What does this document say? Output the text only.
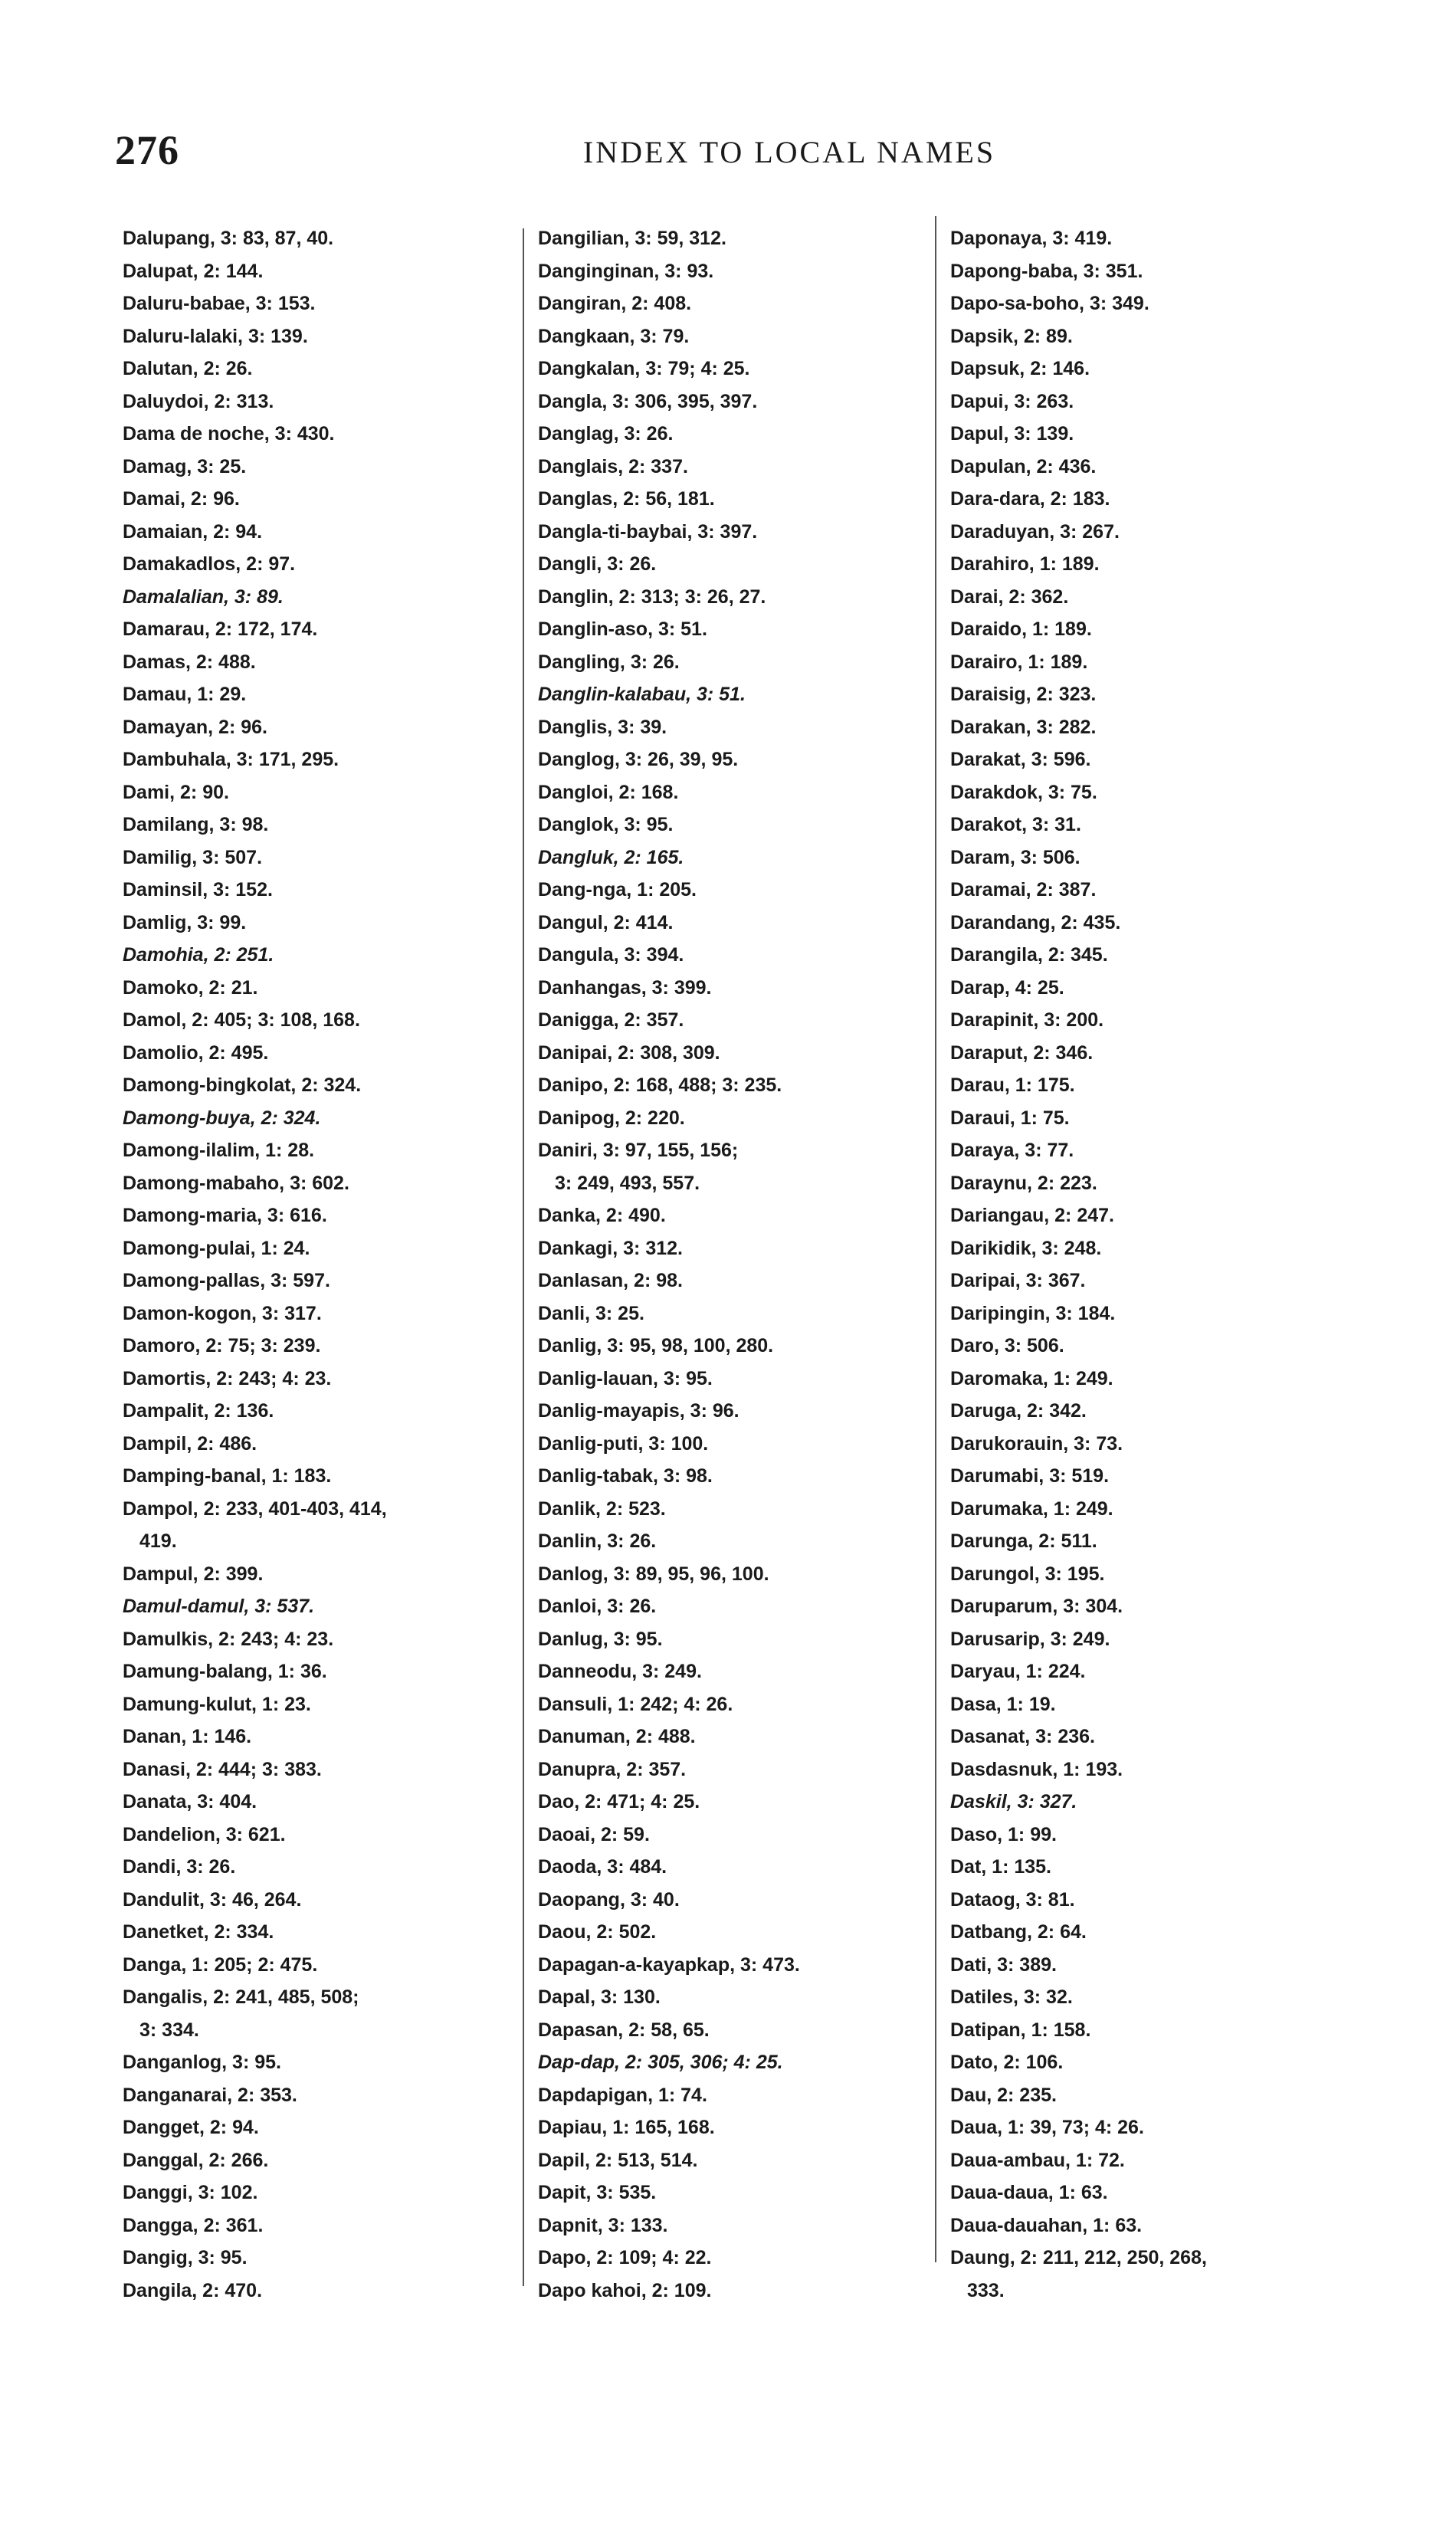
276	INDEX TO LOCAL NAMES
Dalupang, 3: 83, 87, 40.
Dalupat, 2: 144.
Daluru-babae, 3: 153.
Daluru-lalaki, 3: 139.
Dalutan, 2: 26.
Daluydoi, 2: 313.
Dama de noche, 3: 430.
Damag, 3: 25.
Damai, 2: 96.
Damaian, 2: 94.
Damakadlos, 2: 97.
Damalalian, 3: 89.
Damarau, 2: 172, 174.
Damas, 2: 488.
Damau, 1: 29.
Damayan, 2: 96.
Dambuhala, 3: 171, 295.
Dami, 2: 90.
Damilang, 3: 98.
Damilig, 3: 507.
Daminsil, 3: 152.
Damlig, 3: 99.
Damohia, 2: 251.
Damoko, 2: 21.
Damol, 2: 405; 3: 108, 168.
Damolio, 2: 495.
Damong-bingkolat, 2: 324.
Damong-buya, 2: 324.
Damong-ilalim, 1: 28.
Damong-mabaho, 3: 602.
Damong-maria, 3: 616.
Damong-pulai, 1: 24.
Damong-pallas, 3: 597.
Damon-kogon, 3: 317.
Damoro, 2: 75; 3: 239.
Damortis, 2: 243; 4: 23.
Dampalit, 2: 136.
Dampil, 2: 486.
Damping-banal, 1: 183.
Dampol, 2: 233, 401-403, 414,
419.
Dampul, 2: 399.
Damul-damul, 3: 537.
Damulkis, 2: 243; 4: 23.
Damung-balang, 1: 36.
Damung-kulut, 1: 23.
Danan, 1: 146.
Danasi, 2: 444; 3: 383.
Danata, 3: 404.
Dandelion, 3: 621.
Dandi, 3: 26.
Dandulit, 3: 46, 264.
Danetket, 2: 334.
Danga, 1: 205; 2: 475.
Dangalis, 2: 241, 485, 508;
3: 334.
Danganlog, 3: 95.
Danganarai, 2: 353.
Dangget, 2: 94.
Danggal, 2: 266.
Danggi, 3: 102.
Dangga, 2: 361.
Dangig, 3: 95.
Dangila, 2: 470.
Dangilian, 3: 59, 312.
Danginginan, 3: 93.
Dangiran, 2: 408.
Dangkaan, 3: 79.
Dangkalan, 3: 79; 4: 25.
Dangla, 3: 306, 395, 397.
Danglag, 3: 26.
Danglais, 2: 337.
Danglas, 2: 56, 181.
Dangla-ti-baybai, 3: 397.
Dangli, 3: 26.
Danglin, 2: 313; 3: 26, 27.
Danglin-aso, 3: 51.
Dangling, 3: 26.
Danglin-kalabau, 3: 51.
Danglis, 3: 39.
Danglog, 3: 26, 39, 95.
Dangloi, 2: 168.
Danglok, 3: 95.
Dangluk, 2: 165.
Dang-nga, 1: 205.
Dangul, 2: 414.
Dangula, 3: 394.
Danhangas, 3: 399.
Danigga, 2: 357.
Danipai, 2: 308, 309.
Danipo, 2: 168, 488; 3: 235.
Danipog, 2: 220.
Daniri, 3: 97, 155, 156;
3: 249, 493, 557.
Danka, 2: 490.
Dankagi, 3: 312.
Danlasan, 2: 98.
Danli, 3: 25.
Danlig, 3: 95, 98, 100, 280.
Danlig-lauan, 3: 95.
Danlig-mayapis, 3: 96.
Danlig-puti, 3: 100.
Danlig-tabak, 3: 98.
Danlik, 2: 523.
Danlin, 3: 26.
Danlog, 3: 89, 95, 96, 100.
Danloi, 3: 26.
Danlug, 3: 95.
Danneodu, 3: 249.
Dansuli, 1: 242; 4: 26.
Danuman, 2: 488.
Danupra, 2: 357.
Dao, 2: 471; 4: 25.
Daoai, 2: 59.
Daoda, 3: 484.
Daopang, 3: 40.
Daou, 2: 502.
Dapagan-a-kayapkap, 3: 473.
Dapal, 3: 130.
Dapasan, 2: 58, 65.
Dap-dap, 2: 305, 306; 4: 25.
Dapdapigan, 1: 74.
Dapiau, 1: 165, 168.
Dapil, 2: 513, 514.
Dapit, 3: 535.
Dapnit, 3: 133.
Dapo, 2: 109; 4: 22.
Dapo kahoi, 2: 109.
Daponaya, 3: 419.
Dapong-baba, 3: 351.
Dapo-sa-boho, 3: 349.
Dapsik, 2: 89.
Dapsuk, 2: 146.
Dapui, 3: 263.
Dapul, 3: 139.
Dapulan, 2: 436.
Dara-dara, 2: 183.
Daraduyan, 3: 267.
Darahiro, 1: 189.
Darai, 2: 362.
Daraido, 1: 189.
Darairo, 1: 189.
Daraisig, 2: 323.
Darakan, 3: 282.
Darakat, 3: 596.
Darakdok, 3: 75.
Darakot, 3: 31.
Daram, 3: 506.
Daramai, 2: 387.
Darandang, 2: 435.
Darangila, 2: 345.
Darap, 4: 25.
Darapinit, 3: 200.
Daraput, 2: 346.
Darau, 1: 175.
Daraui, 1: 75.
Daraya, 3: 77.
Daraynu, 2: 223.
Dariangau, 2: 247.
Darikidik, 3: 248.
Daripai, 3: 367.
Daripingin, 3: 184.
Daro, 3: 506.
Daromaka, 1: 249.
Daruga, 2: 342.
Darukorauin, 3: 73.
Darumabi, 3: 519.
Darumaka, 1: 249.
Darunga, 2: 511.
Darungol, 3: 195.
Daruparum, 3: 304.
Darusarip, 3: 249.
Daryau, 1: 224.
Dasa, 1: 19.
Dasanat, 3: 236.
Dasdasnuk, 1: 193.
Daskil, 3: 327.
Daso, 1: 99.
Dat, 1: 135.
Dataog, 3: 81.
Datbang, 2: 64.
Dati, 3: 389.
Datiles, 3: 32.
Datipan, 1: 158.
Dato, 2: 106.
Dau, 2: 235.
Daua, 1: 39, 73; 4: 26.
Daua-ambau, 1: 72.
Daua-daua, 1: 63.
Daua-dauahan, 1: 63.
Daung, 2: 211, 212, 250, 268,
333.
